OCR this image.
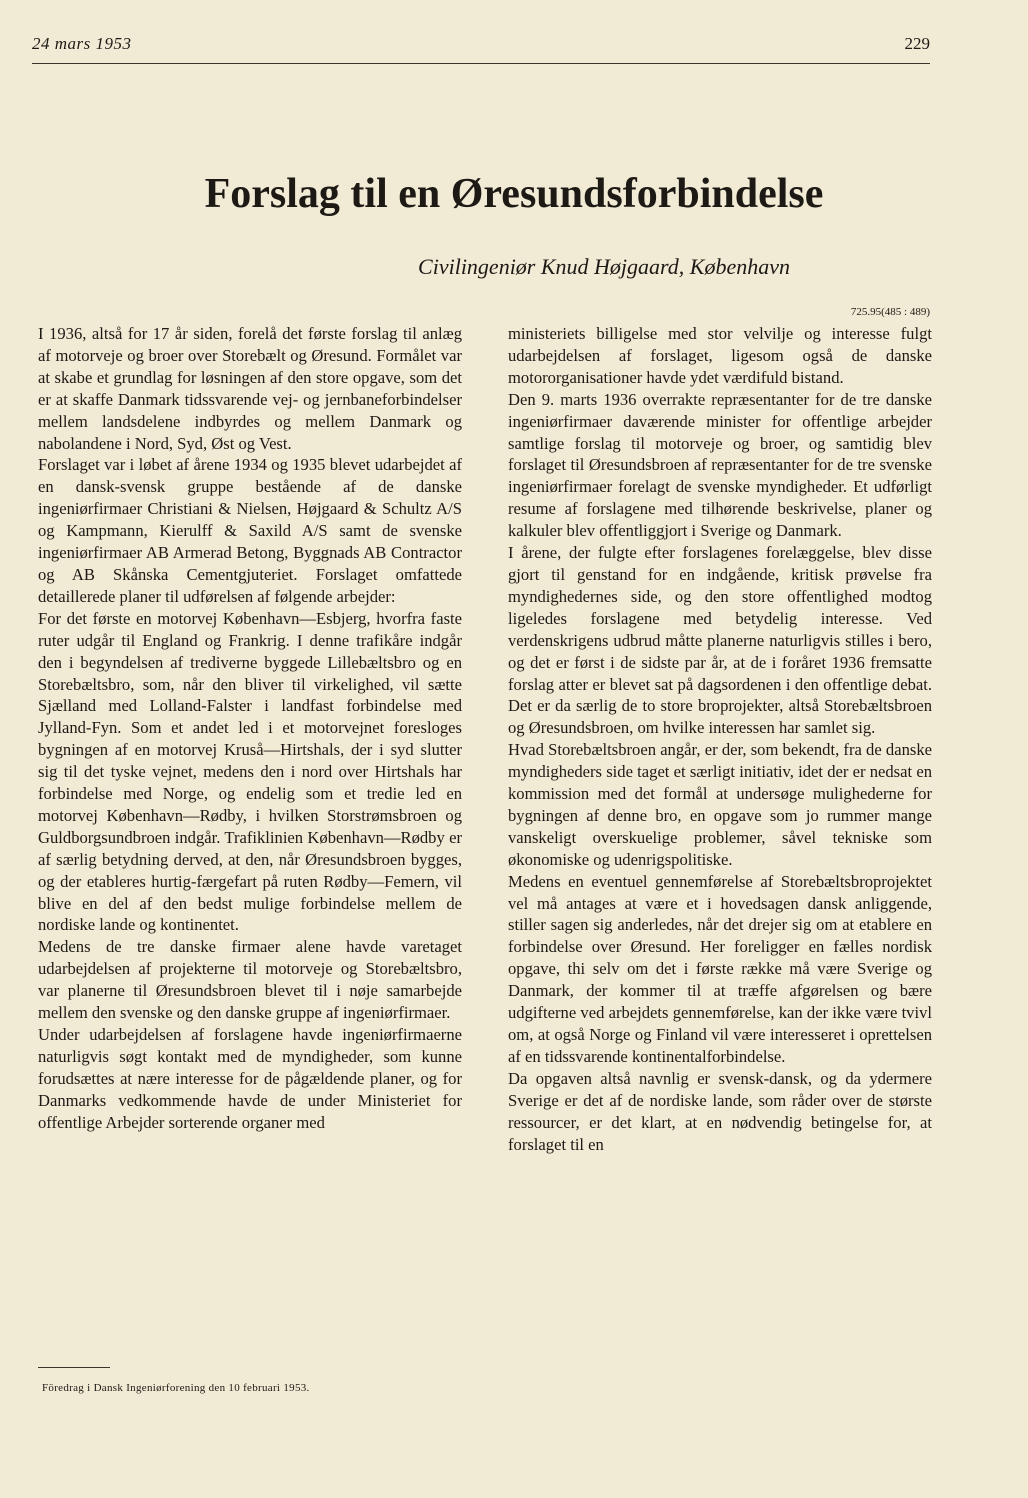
24 mars 1953	229
Forslag til en Øresundsforbindelse
Civilingeniør Knud Højgaard, København
725.95(485 : 489)

I 1936, altså for 17 år siden, forelå det første forslag til anlæg af motorveje og broer over Storebælt og Øresund. Formålet var at skabe et grundlag for løsningen af den store opgave, som det er at skaffe Danmark tidssvarende vej- og jernbaneforbindelser mellem landsdelene indbyrdes og mellem Danmark og nabolandene i Nord, Syd, Øst og Vest.

Forslaget var i løbet af årene 1934 og 1935 blevet udarbejdet af en dansk-svensk gruppe bestående af de danske ingeniørfirmaer Christiani & Nielsen, Højgaard & Schultz A/S og Kampmann, Kierulff & Saxild A/S samt de svenske ingeniørfirmaer AB Armerad Betong, Byggnads AB Contractor og AB Skånska Cementgjuteriet. Forslaget omfattede detaillerede planer til udførelsen af følgende arbejder:

For det første en motorvej København—Esbjerg, hvorfra faste ruter udgår til England og Frankrig. I denne trafikåre indgår den i begyndelsen af trediverne byggede Lillebæltsbro og en Storebæltsbro, som, når den bliver til virkelighed, vil sætte Sjælland med Lolland-Falster i landfast forbindelse med Jylland-Fyn. Som et andet led i et motorvejnet foresloges bygningen af en motorvej Kruså—Hirtshals, der i syd slutter sig til det tyske vejnet, medens den i nord over Hirtshals har forbindelse med Norge, og endelig som et tredie led en motorvej København—Rødby, i hvilken Storstrømsbroen og Guldborgsundbroen indgår. Trafiklinien København—Rødby er af særlig betydning derved, at den, når Øresundsbroen bygges, og der etableres hurtig-færgefart på ruten Rødby—Femern, vil blive en del af den bedst mulige forbindelse mellem de nordiske lande og kontinentet.

Medens de tre danske firmaer alene havde varetaget udarbejdelsen af projekterne til motorveje og Storebæltsbro, var planerne til Øresundsbroen blevet til i nøje samarbejde mellem den svenske og den danske gruppe af ingeniørfirmaer.

Under udarbejdelsen af forslagene havde ingeniørfirmaerne naturligvis søgt kontakt med de myndigheder, som kunne forudsættes at nære interesse for de pågældende planer, og for Danmarks vedkommende havde de under Ministeriet for offentlige Arbejder sorterende organer med

ministeriets billigelse med stor velvilje og interesse fulgt udarbejdelsen af forslaget, ligesom også de danske motororganisationer havde ydet værdifuld bistand.

Den 9. marts 1936 overrakte repræsentanter for de tre danske ingeniørfirmaer daværende minister for offentlige arbejder samtlige forslag til motorveje og broer, og samtidig blev forslaget til Øresundsbroen af repræsentanter for de tre svenske ingeniørfirmaer forelagt de svenske myndigheder. Et udførligt resume af forslagene med tilhørende beskrivelse, planer og kalkuler blev offentliggjort i Sverige og Danmark.

I årene, der fulgte efter forslagenes forelæggelse, blev disse gjort til genstand for en indgående, kritisk prøvelse fra myndighedernes side, og den store offentlighed modtog ligeledes forslagene med betydelig interesse. Ved verdenskrigens udbrud måtte planerne naturligvis stilles i bero, og det er først i de sidste par år, at de i foråret 1936 fremsatte forslag atter er blevet sat på dagsordenen i den offentlige debat. Det er da særlig de to store broprojekter, altså Storebæltsbroen og Øresundsbroen, om hvilke interessen har samlet sig.

Hvad Storebæltsbroen angår, er der, som bekendt, fra de danske myndigheders side taget et særligt initiativ, idet der er nedsat en kommission med det formål at undersøge mulighederne for bygningen af denne bro, en opgave som jo rummer mange vanskeligt overskuelige problemer, såvel tekniske som økonomiske og udenrigspolitiske.

Medens en eventuel gennemførelse af Storebæltsbroprojektet vel må antages at være et i hovedsagen dansk anliggende, stiller sagen sig anderledes, når det drejer sig om at etablere en forbindelse over Øresund. Her foreligger en fælles nordisk opgave, thi selv om det i første række må være Sverige og Danmark, der kommer til at træffe afgørelsen og bære udgifterne ved arbejdets gennemførelse, kan der ikke være tvivl om, at også Norge og Finland vil være interesseret i oprettelsen af en tidssvarende kontinentalforbindelse.

Da opgaven altså navnlig er svensk-dansk, og da ydermere Sverige er det af de nordiske lande, som råder over de største ressourcer, er det klart, at en nødvendig betingelse for, at forslaget til en

Föredrag i Dansk Ingeniørforening den 10 februari 1953.
